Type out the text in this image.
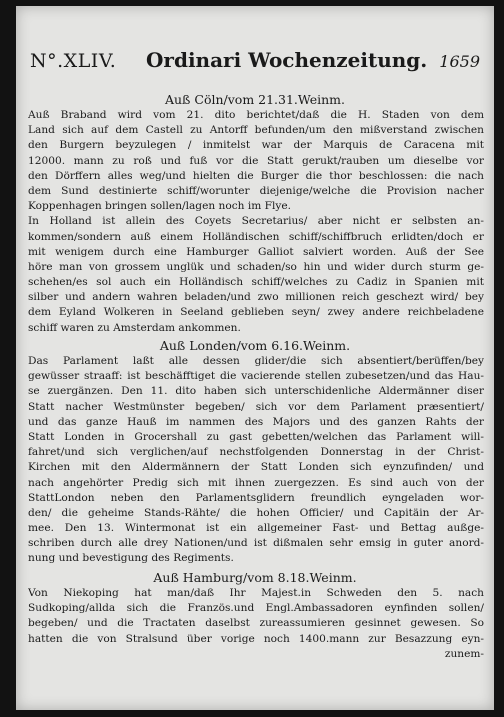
N°.XLIV. Ordinari Wochenzeitung. 1659
Auß Cöln/vom 21.31.Weinm.
Auß Braband wird vom 21. dito berichtet/daß die H. Staden von dem
Land sich auf dem Castell zu Antorff befunden/um den mißverstand zwischen
den Burgern beyzulegen / inmitelst war der Marquis de Caracena mit
12000. mann zu roß und fuß vor die Statt gerukt/rauben um dieselbe vor
den Dörffern alles weg/und hielten die Burger die thor beschlossen: die nach
dem Sund destinierte schiff/worunter diejenige/welche die Provision nacher
Koppenhagen bringen sollen/lagen noch im Flye.
In Holland ist allein des Coyets Secretarius/ aber nicht er selbsten an-
kommen/sondern auß einem Holländischen schiff/schiffbruch erlidten/doch er
mit wenigem durch eine Hamburger Galliot salviert worden. Auß der See
höre man von grossem unglük und schaden/so hin und wider durch sturm ge-
schehen/es sol auch ein Holländisch schiff/welches zu Cadiz in Spanien mit
silber und andern wahren beladen/und zwo millionen reich geschezt wird/ bey
dem Eyland Wolkeren in Seeland geblieben seyn/ zwey andere reichbeladene
schiff waren zu Amsterdam ankommen.
Auß Londen/vom 6.16.Weinm.
Das Parlament laßt alle dessen glider/die sich absentiert/berüffen/bey
gewüsser straaff: ist beschäfftiget die vacierende stellen zubesetzen/und das Hau-
se zuergänzen. Den 11. dito haben sich unterschidenliche Aldermänner diser
Statt nacher Westmünster begeben/ sich vor dem Parlament præsentiert/
und das ganze Hauß im nammen des Majors und des ganzen Rahts der
Statt Londen in Grocershall zu gast gebetten/welchen das Parlament will-
fahret/und sich verglichen/auf nechstfolgenden Donnerstag in der Christ-
Kirchen mit den Aldermännern der Statt Londen sich eynzufinden/ und
nach angehörter Predig sich mit ihnen zuergezzen. Es sind auch von der
StattLondon neben den Parlamentsglidern freundlich eyngeladen wor-
den/ die geheime Stands-Rähte/ die hohen Officier/ und Capitäin der Ar-
mee. Den 13. Wintermonat ist ein allgemeiner Fast- und Bettag außge-
schriben durch alle drey Nationen/und ist dißmalen sehr emsig in guter anord-
nung und bevestigung des Regiments.
Auß Hamburg/vom 8.18.Weinm.
Von Niekoping hat man/daß Ihr Majest.in Schweden den 5. nach
Sudkoping/allda sich die Französ.und Engl.Ambassadoren eynfinden sollen/
begeben/ und die Tractaten daselbst zureassumieren gesinnet gewesen. So
hatten die von Stralsund über vorige noch 1400.mann zur Besazzung eyn-
zunem-
